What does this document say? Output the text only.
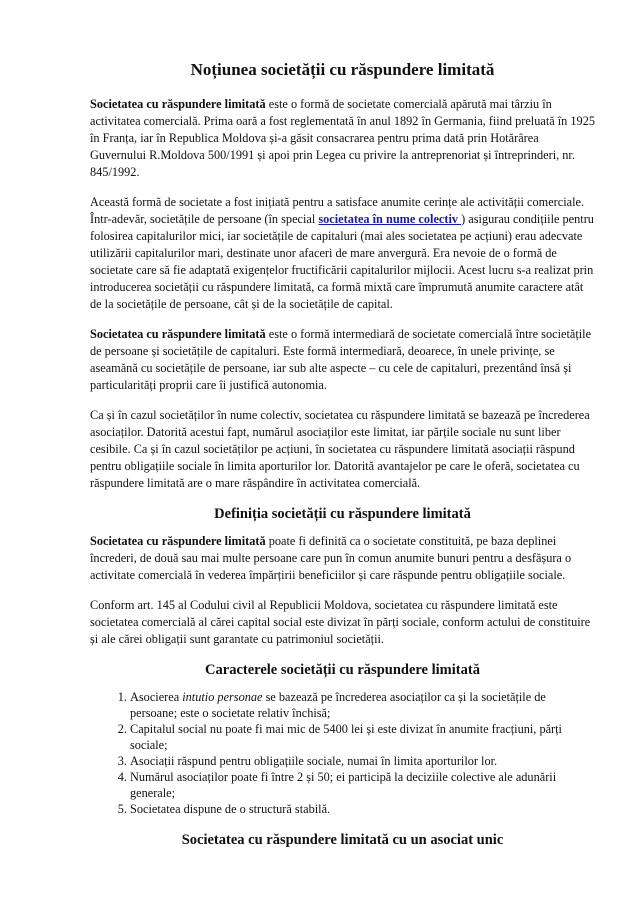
Noțiunea societății cu răspundere limitată

Societatea cu răspundere limitată este o formă de societate comercială apărută mai târziu în activitatea comercială. Prima oară a fost reglementată în anul 1892 în Germania, fiind preluată în 1925 în Franța, iar în Republica Moldova și-a găsit consacrarea pentru prima dată prin Hotărârea Guvernului R.Moldova 500/1991 și apoi prin Legea cu privire la antreprenoriat și întreprinderi, nr. 845/1992.

Această formă de societate a fost inițiată pentru a satisface anumite cerințe ale activității comerciale. Într-adevăr, societățile de persoane (în special societatea în nume colectiv ) asigurau condițiile pentru folosirea capitalurilor mici, iar societățile de capitaluri (mai ales societatea pe acțiuni) erau adecvate utilizării capitalurilor mari, destinate unor afaceri de mare anvergură. Era nevoie de o formă de societate care să fie adaptată exigențelor fructificării capitalurilor mijlocii. Acest lucru s-a realizat prin introducerea societății cu răspundere limitată, ca formă mixtă care împrumută anumite caractere atât de la societățile de persoane, cât și de la societățile de capital.

Societatea cu răspundere limitată este o formă intermediară de societate comercială între societățile de persoane și societățile de capitaluri. Este formă intermediară, deoarece, în unele privințe, se aseamănă cu societățile de persoane, iar sub alte aspecte – cu cele de capitaluri, prezentând însă și particularități proprii care îi justifică autonomia.

Ca și în cazul societăților în nume colectiv, societatea cu răspundere limitată se bazează pe încrederea asociaților. Datorită acestui fapt, numărul asociaților este limitat, iar părțile sociale nu sunt liber cesibile. Ca și în cazul societăților pe acțiuni, în societatea cu răspundere limitată asociații răspund pentru obligațiile sociale în limita aporturilor lor. Datorită avantajelor pe care le oferă, societatea cu răspundere limitată are o mare răspândire în activitatea comercială.

Definiția societății cu răspundere limitată

Societatea cu răspundere limitată poate fi definită ca o societate constituită, pe baza deplinei încrederi, de două sau mai multe persoane care pun în comun anumite bunuri pentru a desfășura o activitate comercială în vederea împărțirii beneficiilor și care răspunde pentru obligațiile sociale.

Conform art. 145 al Codului civil al Republicii Moldova, societatea cu răspundere limitată este societatea comercială al cărei capital social este divizat în părți sociale, conform actului de constituire și ale cărei obligații sunt garantate cu patrimoniul societății.

Caracterele societății cu răspundere limitată
1. Asocierea intutio personae se bazează pe încrederea asociaților ca și la societățile de persoane; este o societate relativ închisă;
2. Capitalul social nu poate fi mai mic de 5400 lei și este divizat în anumite fracțiuni, părți sociale;
3. Asociații răspund pentru obligațiile sociale, numai în limita aporturilor lor.
4. Numărul asociaților poate fi între 2 și 50; ei participă la deciziile colective ale adunării generale;
5. Societatea dispune de o structură stabilă.
Societatea cu răspundere limitată cu un asociat unic
